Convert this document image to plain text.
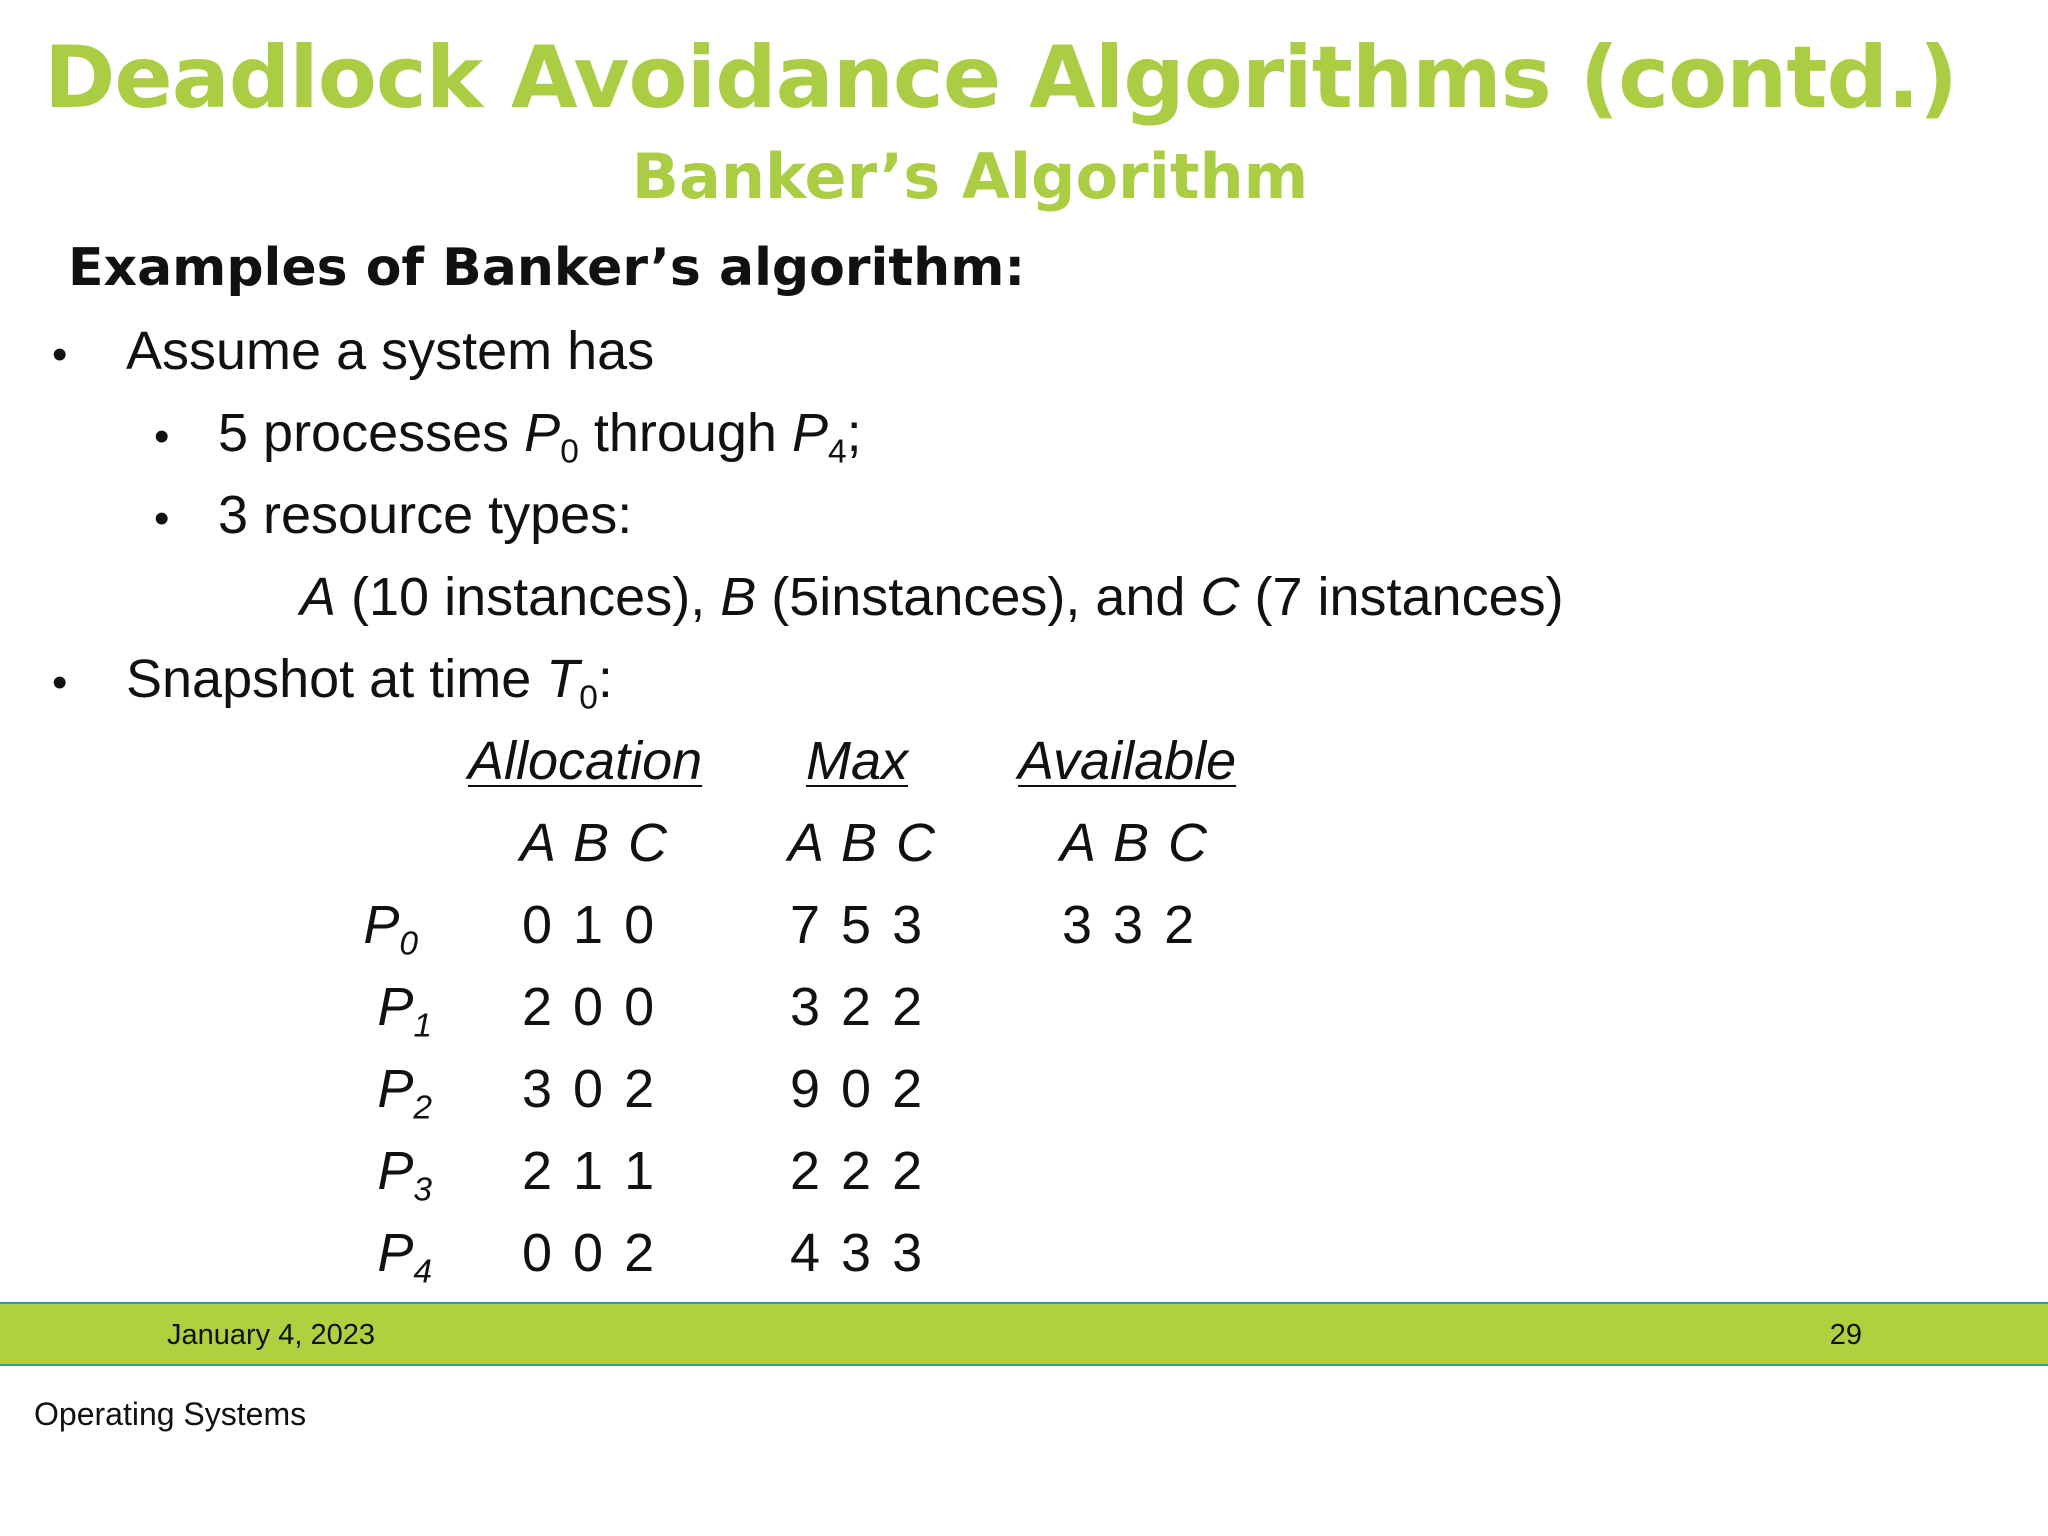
Deadlock Avoidance Algorithms (contd.)
Banker’s Algorithm
Examples of Banker’s algorithm:
• Assume a system has
• 5 processes $P_0$ through $P_4$;
• 3 resource types:
A (10 instances), B (5instances), and C (7 instances)
• Snapshot at time $T_0$:
Allocation Max Available
A B C A B C A B C
$P_0$ 0 1 0	7 5 3	3 3 2
$P_1$ 2 0 0	3 2 2
$P_2$ 3 0 2	9 0 2
$P_3$ 2 1 1	2 2 2
$P_4$ 0 0 2	4 3 3
January 4, 2023	29
Operating Systems
